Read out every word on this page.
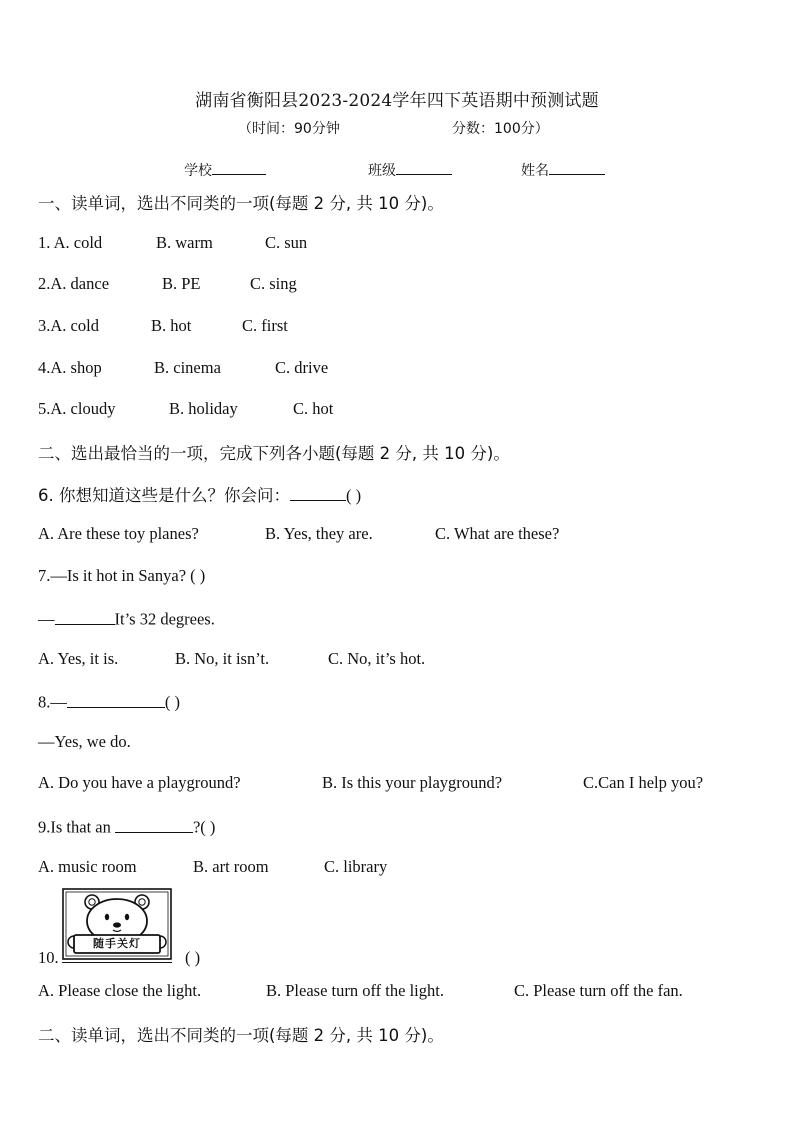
湖南省衡阳县2023-2024学年四下英语期中预测试题
（时间：90分钟	分数：100分）
学校	班级	姓名
一、读单词，选出不同类的一项(每题 2 分, 共 10 分)。
1. A. cold	B. warm	C. sun
2.A. dance	B. PE	C. sing
3.A. cold	B. hot	C. first
4.A. shop	B. cinema	C. drive
5.A. cloudy	B. holiday	C. hot
二、选出最恰当的一项，完成下列各小题(每题 2 分, 共 10 分)。
6. 你想知道这些是什么？你会问：	( )
A. Are these toy planes?	B. Yes, they are.	C. What are these?
7.—Is it hot in Sanya? ( )
—	It’s 32 degrees.
A. Yes, it is.	B. No, it isn’t.	C. No, it’s hot.
8.—	( )
—Yes, we do.
A. Do you have a playground?	B. Is this your playground?	C.Can I help you?
9.Is that an	?( )
A. music room	B. art room	C. library
随手关灯
10.	( )
A. Please close the light.	B. Please turn off the light.	C. Please turn off the fan.
二、读单词，选出不同类的一项(每题 2 分, 共 10 分)。
